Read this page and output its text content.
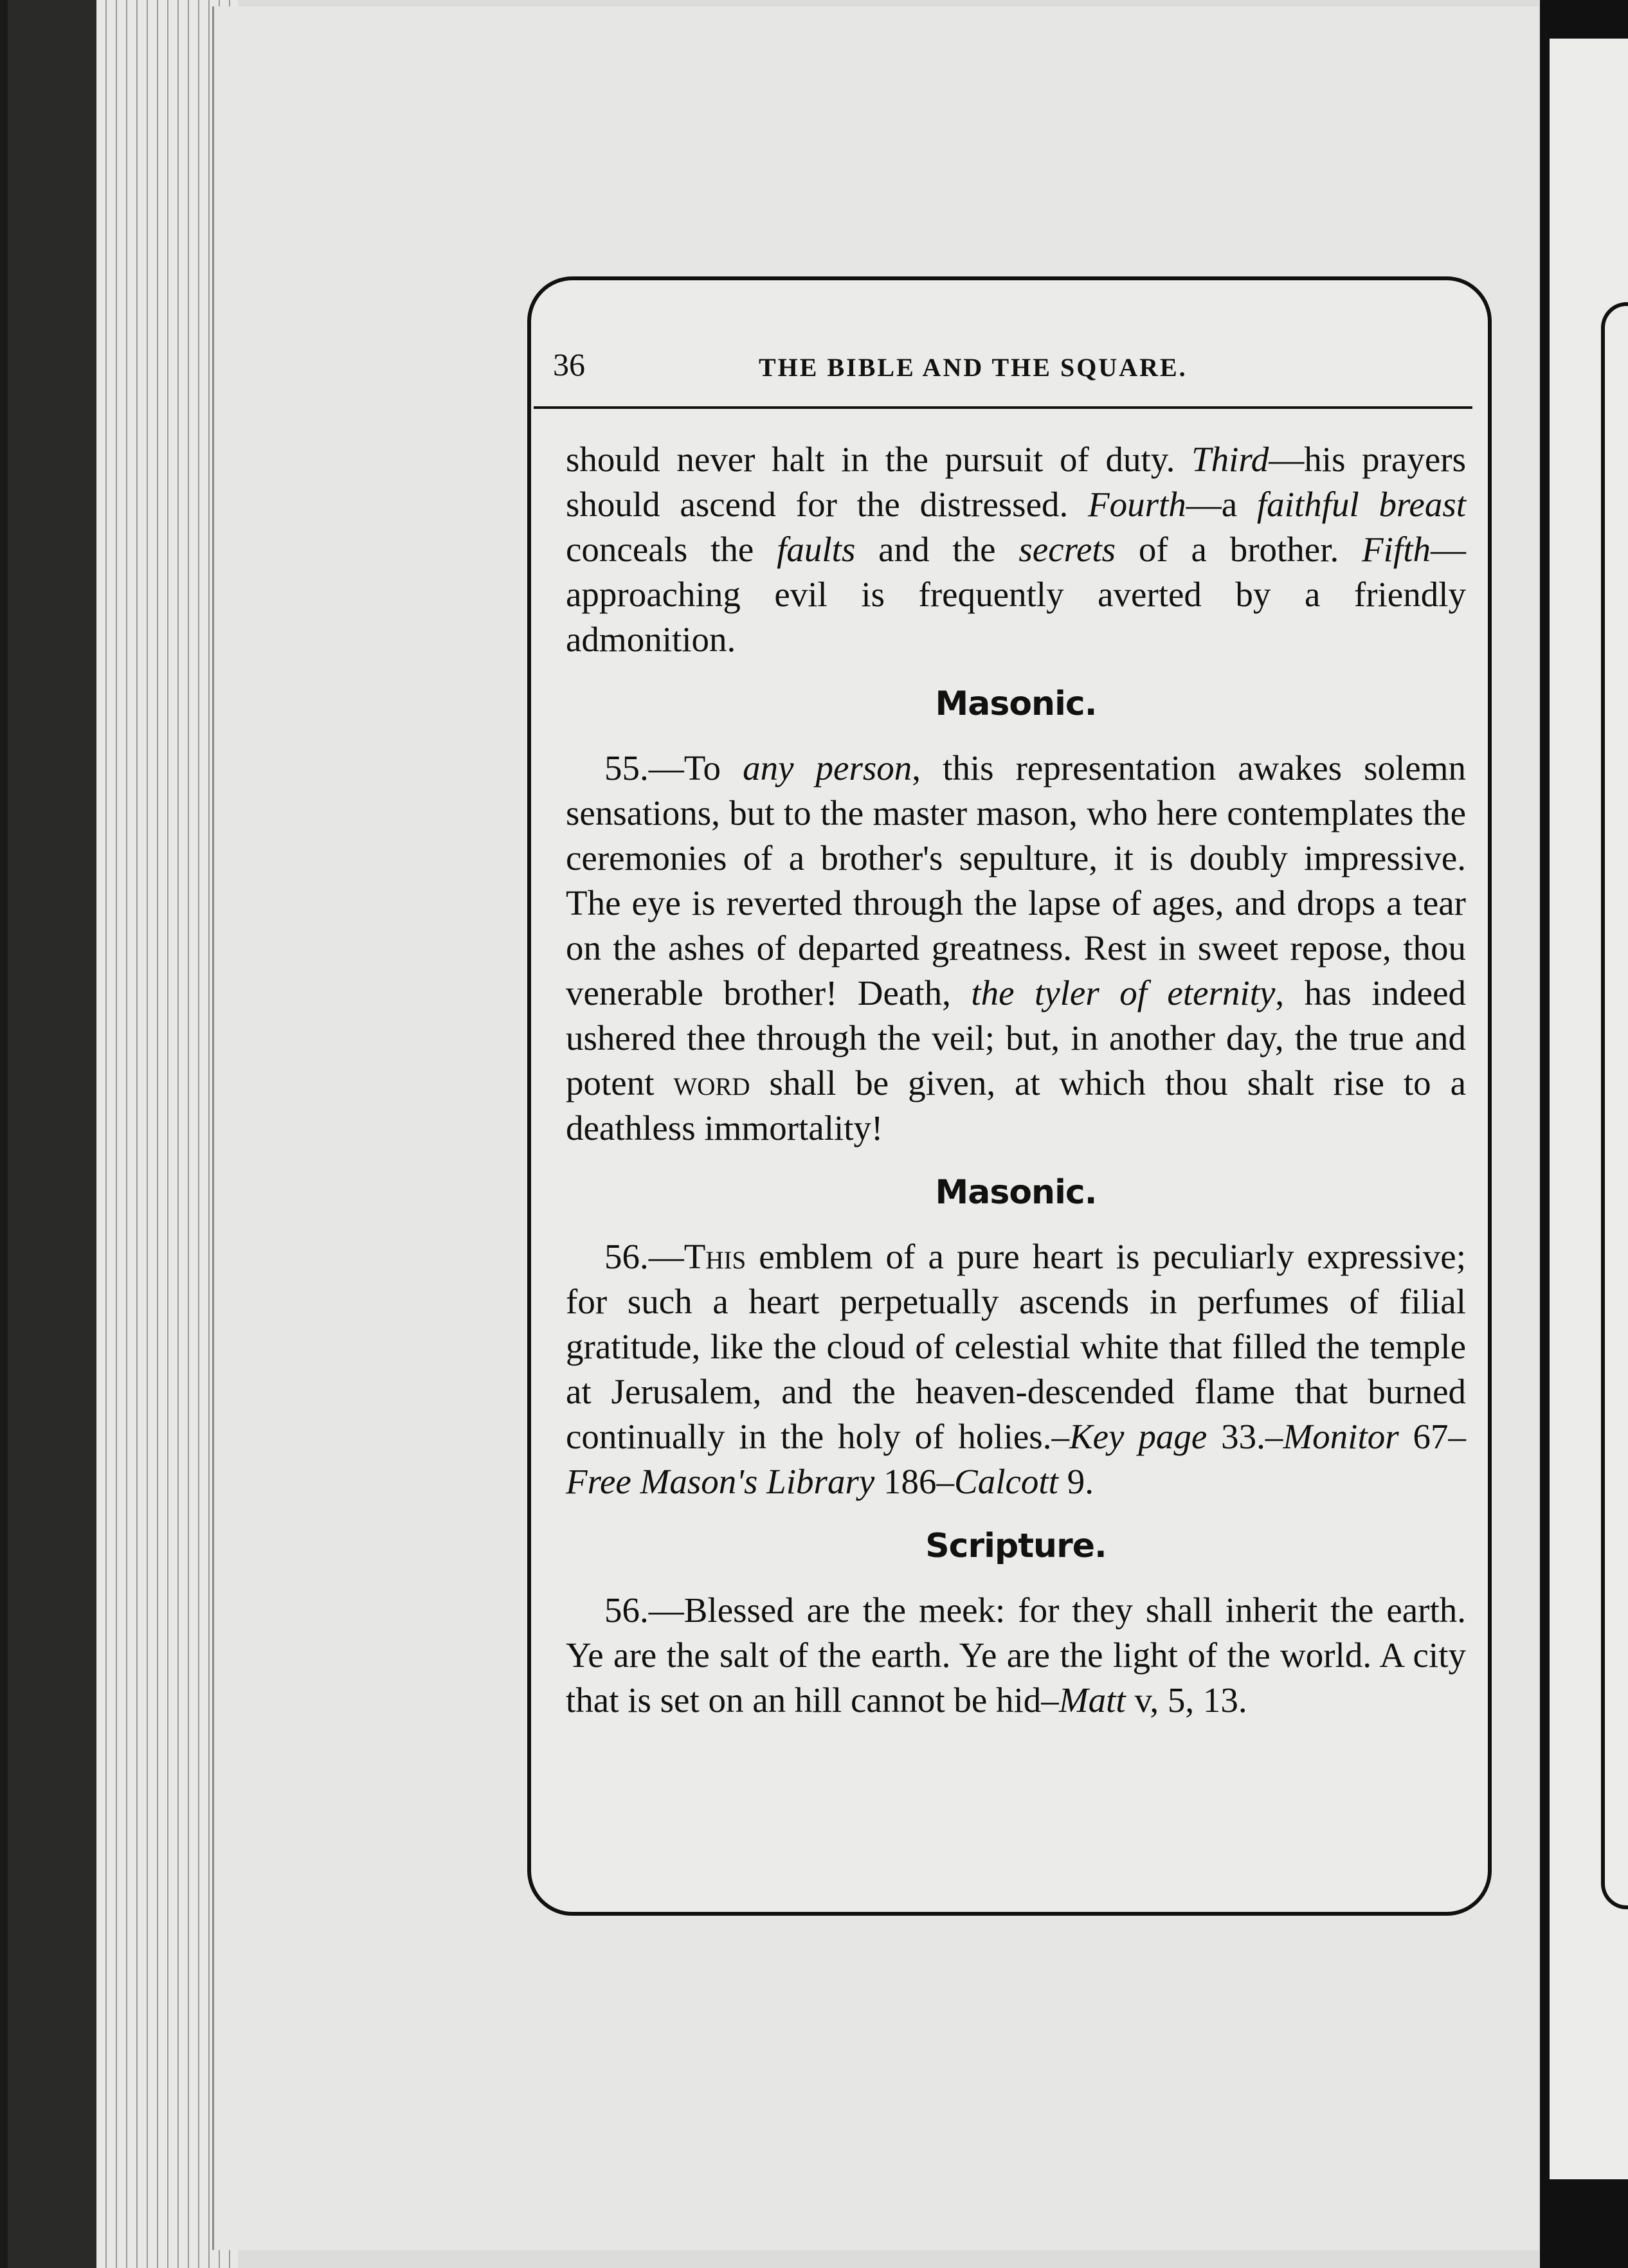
36	THE BIBLE AND THE SQUARE.

should never halt in the pursuit of duty. Third—his prayers should ascend for the distressed. Fourth—a faithful breast conceals the faults and the secrets of a brother. Fifth—approaching evil is frequently averted by a friendly admonition.

Masonic.

55.—To any person, this representation awakes solemn sensations, but to the master mason, who here contemplates the ceremonies of a brother's sepulture, it is doubly impressive. The eye is reverted through the lapse of ages, and drops a tear on the ashes of departed greatness. Rest in sweet repose, thou venerable brother! Death, the tyler of eternity, has indeed ushered thee through the veil; but, in another day, the true and potent word shall be given, at which thou shalt rise to a deathless immortality!

Masonic.

56.—This emblem of a pure heart is peculiarly expressive; for such a heart perpetually ascends in perfumes of filial gratitude, like the cloud of celestial white that filled the temple at Jerusalem, and the heaven-descended flame that burned continually in the holy of holies.–Key page 33.–Monitor 67–Free Mason's Library 186–Calcott 9.

Scripture.

56.—Blessed are the meek: for they shall inherit the earth. Ye are the salt of the earth. Ye are the light of the world. A city that is set on an hill cannot be hid–Matt v, 5, 13.
